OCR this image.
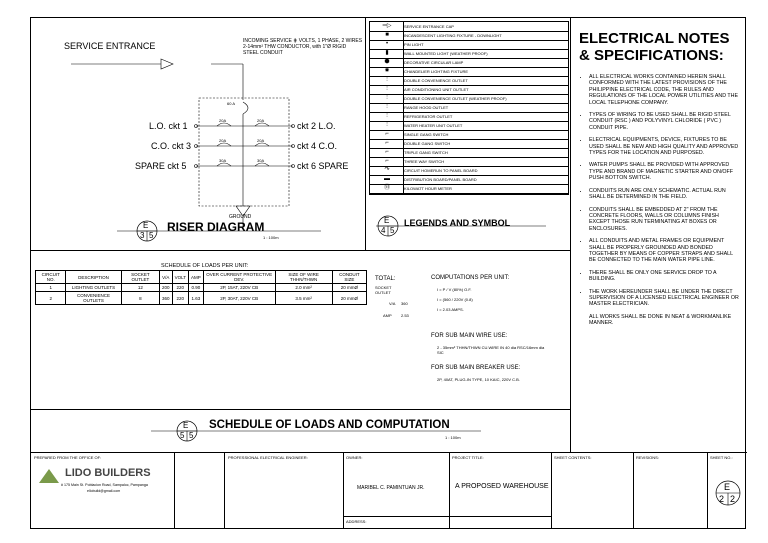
SERVICE ENTRANCE	INCOMING SERVICE ⋕ VOLTS, 1 PHASE, 2 WIRES 2-14mm² THW CONDUCTOR, with 1"Ø RIGID STEEL CONDUIT
60 A
20A	20A
20A	20A
30A	30A
L.O. ckt 1
C.O. ckt 3
SPARE ckt 5
ckt 2 L.O.
ckt 4 C.O.
ckt 6 SPARE
GROUND
E
3 5
RISER DIAGRAM
1 : 100m
═▷	SERVICE ENTRANCE CAP
■	INCANDESCENT LIGHTING FIXTURE - DOWNLIGHT
•	PIN LIGHT
▮	WALL MOUNTED LIGHT (WEATHER PROOF)
⬢	DECORATIVE CIRCULAR LAMP
✸	CHANDELIER LIGHTING FIXTURE
⫶	DOUBLE CONVENIENCE OUTLET
⫶	AIR CONDITIONING UNIT OUTLET
⫶	DOUBLE CONVENIENCE OUTLET (WEATHER PROOF)
⫶	RANGE HOOD OUTLET
⫶	REFRIGERATOR OUTLET
⫶	WATER HEATER UNIT OUTLET
⌐	SINGLE GANG SWITCH
⌐	DOUBLE GANG SWITCH
⌐	TRIPLE GANG SWITCH
⌐	THREE WAY SWITCH
↷	CIRCUIT HOMERUN TO PANEL BOARD
▬	DISTRIBUTION BOARD/PANEL BOARD
Ⓜ	KILOWATT HOUR METER
E
4 5
LEGENDS AND SYMBOL
ELECTRICAL NOTES & SPECIFICATIONS:
• ALL ELECTRICAL WORKS CONTAINED HEREIN SHALL CONFORMED WITH THE LATEST PROVISIONS OF THE PHILIPPINE ELECTRICAL CODE, THE RULES AND REGULATIONS OF THE LOCAL POWER UTILITIES AND THE LOCAL TELEPHONE COMPANY.
• TYPES OF WIRING TO BE USED SHALL BE RIGID STEEL CONDUIT (RSC ) AND POLYVINYL CHLORIDE ( PVC ) CONDUIT PIPE.
• ELECTRICAL EQUIPMENTS, DEVICE, FIXTURES TO BE USED SHALL BE NEW AND HIGH QUALITY AND APPROVED TYPES FOR THE LOCATION AND PURPOSED.
• WATER PUMPS SHALL BE PROVIDED WITH APPROVED TYPE AND BRAND OF MAGNETIC STARTER AND ON/OFF PUSH BOTTON SWITCH.
• CONDUITS RUN ARE ONLY SCHEMATIC. ACTUAL RUN SHALL BE DETERMINED IN THE FIELD.
• CONDUITS SHALL BE EMBEDDED AT 2" FROM THE CONCRETE FLOORS, WALLS OR COLUMNS FINISH EXCEPT THOSE RUN TERMINATING AT BOXES OR ENCLOSURES.
• ALL CONDUITS AND METAL FRAMES OR EQUIPMENT SHALL BE PROPERLY GROUNDED AND BONDED TOGETHER BY MEANS OF COPPER STRAPS AND SHALL BE CONNECTED TO THE MAIN WATER PIPE LINE.
• THERE SHALL BE ONLY ONE SERVICE DROP TO A BUILDING.
• THE WORK HEREUNDER SHALL BE UNDER THE DIRECT SUPERVISION OF A LICENSED ELECTRICAL ENGINEER OR MASTER ELECTRICIAN.
ALL WORKS SHALL BE DONE IN NEAT & WORKMANLIKE MANNER.
SCHEDULE OF LOADS PER UNIT:
CIRCUIT NO.	DESCRIPTION	SOCKET OUTLET	V/A	VOLT	AMP	OVER CURRENT PROTECTIVE DEV.	SIZE OF WIRE THHN/THWN	CONDUIT SIZE
1	LIGHTING OUTLETS	12	200	220	0.90	2P, 15AT, 220V CB	2.0 mm²	20 mmØ
2	CONVENIENCE OUTLETS	8	360	220	1.63	2P, 30AT, 220V CB	3.5 mm²	20 mmØ
TOTAL:
SOCKET OUTLET
V/A 360
AMP 2.53
COMPUTATIONS PER UNIT:
I = P / V (80%) O.F.
I = (560 / 220V (0.8)
I = 2.03 AMPS.
FOR SUB MAIN WIRE USE:
2 - 35mm² THHN/THWN CU.WIRE IN 40 dia RSC/16mm dia SIC
FOR SUB MAIN BREAKER USE:
2P, 40AT, PLUG-IN TYPE, 10 KAIC, 220V C.B.
E
5 5
SCHEDULE OF LOADS AND COMPUTATION
1 : 100m
PREPARED FROM THE OFFICE OF:
LIDO BUILDERS
# 175 Main St. Poblacion Road, Sampaloc, Pampanga
ellobuild@gmail.com
PROFESSIONAL ELECTRICAL ENGINEER:	OWNER:
MARIBEL C. PAMINTUAN JR.
PROJECT TITLE:
A PROPOSED WAREHOUSE
ADDRESS:
SHEET CONTENTS:	REVISIONS:	SHEET NO.:
E
2 2
